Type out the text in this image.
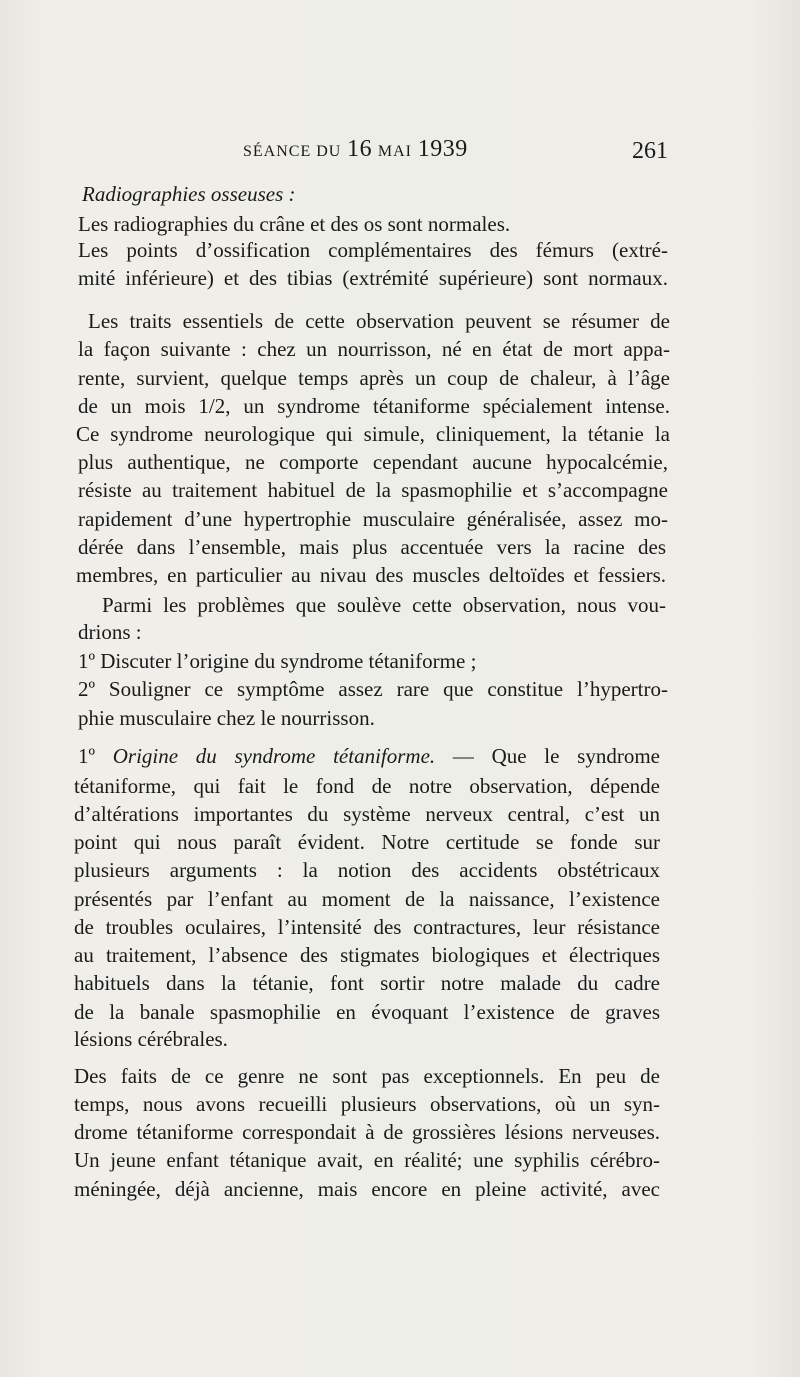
SÉANCE DU 16 MAI 1939	261
Radiographies osseuses :
Les radiographies du crâne et des os sont normales.
Les points d’ossification complémentaires des fémurs (extré-
mité inférieure) et des tibias (extrémité supérieure) sont normaux.
Les traits essentiels de cette observation peuvent se résumer de
la façon suivante : chez un nourrisson, né en état de mort appa-
rente, survient, quelque temps après un coup de chaleur, à l’âge
de un mois 1/2, un syndrome tétaniforme spécialement intense.
Ce syndrome neurologique qui simule, cliniquement, la tétanie la
plus authentique, ne comporte cependant aucune hypocalcémie,
résiste au traitement habituel de la spasmophilie et s’accompagne
rapidement d’une hypertrophie musculaire généralisée, assez mo-
dérée dans l’ensemble, mais plus accentuée vers la racine des
membres, en particulier au nivau des muscles deltoïdes et fessiers.
Parmi les problèmes que soulève cette observation, nous vou-
drions :
1º Discuter l’origine du syndrome tétaniforme ;
2º Souligner ce symptôme assez rare que constitue l’hypertro-
phie musculaire chez le nourrisson.
1º Origine du syndrome tétaniforme. — Que le syndrome
tétaniforme, qui fait le fond de notre observation, dépende
d’altérations importantes du système nerveux central, c’est un
point qui nous paraît évident. Notre certitude se fonde sur
plusieurs arguments : la notion des accidents obstétricaux
présentés par l’enfant au moment de la naissance, l’existence
de troubles oculaires, l’intensité des contractures, leur résistance
au traitement, l’absence des stigmates biologiques et électriques
habituels dans la tétanie, font sortir notre malade du cadre
de la banale spasmophilie en évoquant l’existence de graves
lésions cérébrales.
Des faits de ce genre ne sont pas exceptionnels. En peu de
temps, nous avons recueilli plusieurs observations, où un syn-
drome tétaniforme correspondait à de grossières lésions nerveuses.
Un jeune enfant tétanique avait, en réalité; une syphilis cérébro-
méningée, déjà ancienne, mais encore en pleine activité, avec
